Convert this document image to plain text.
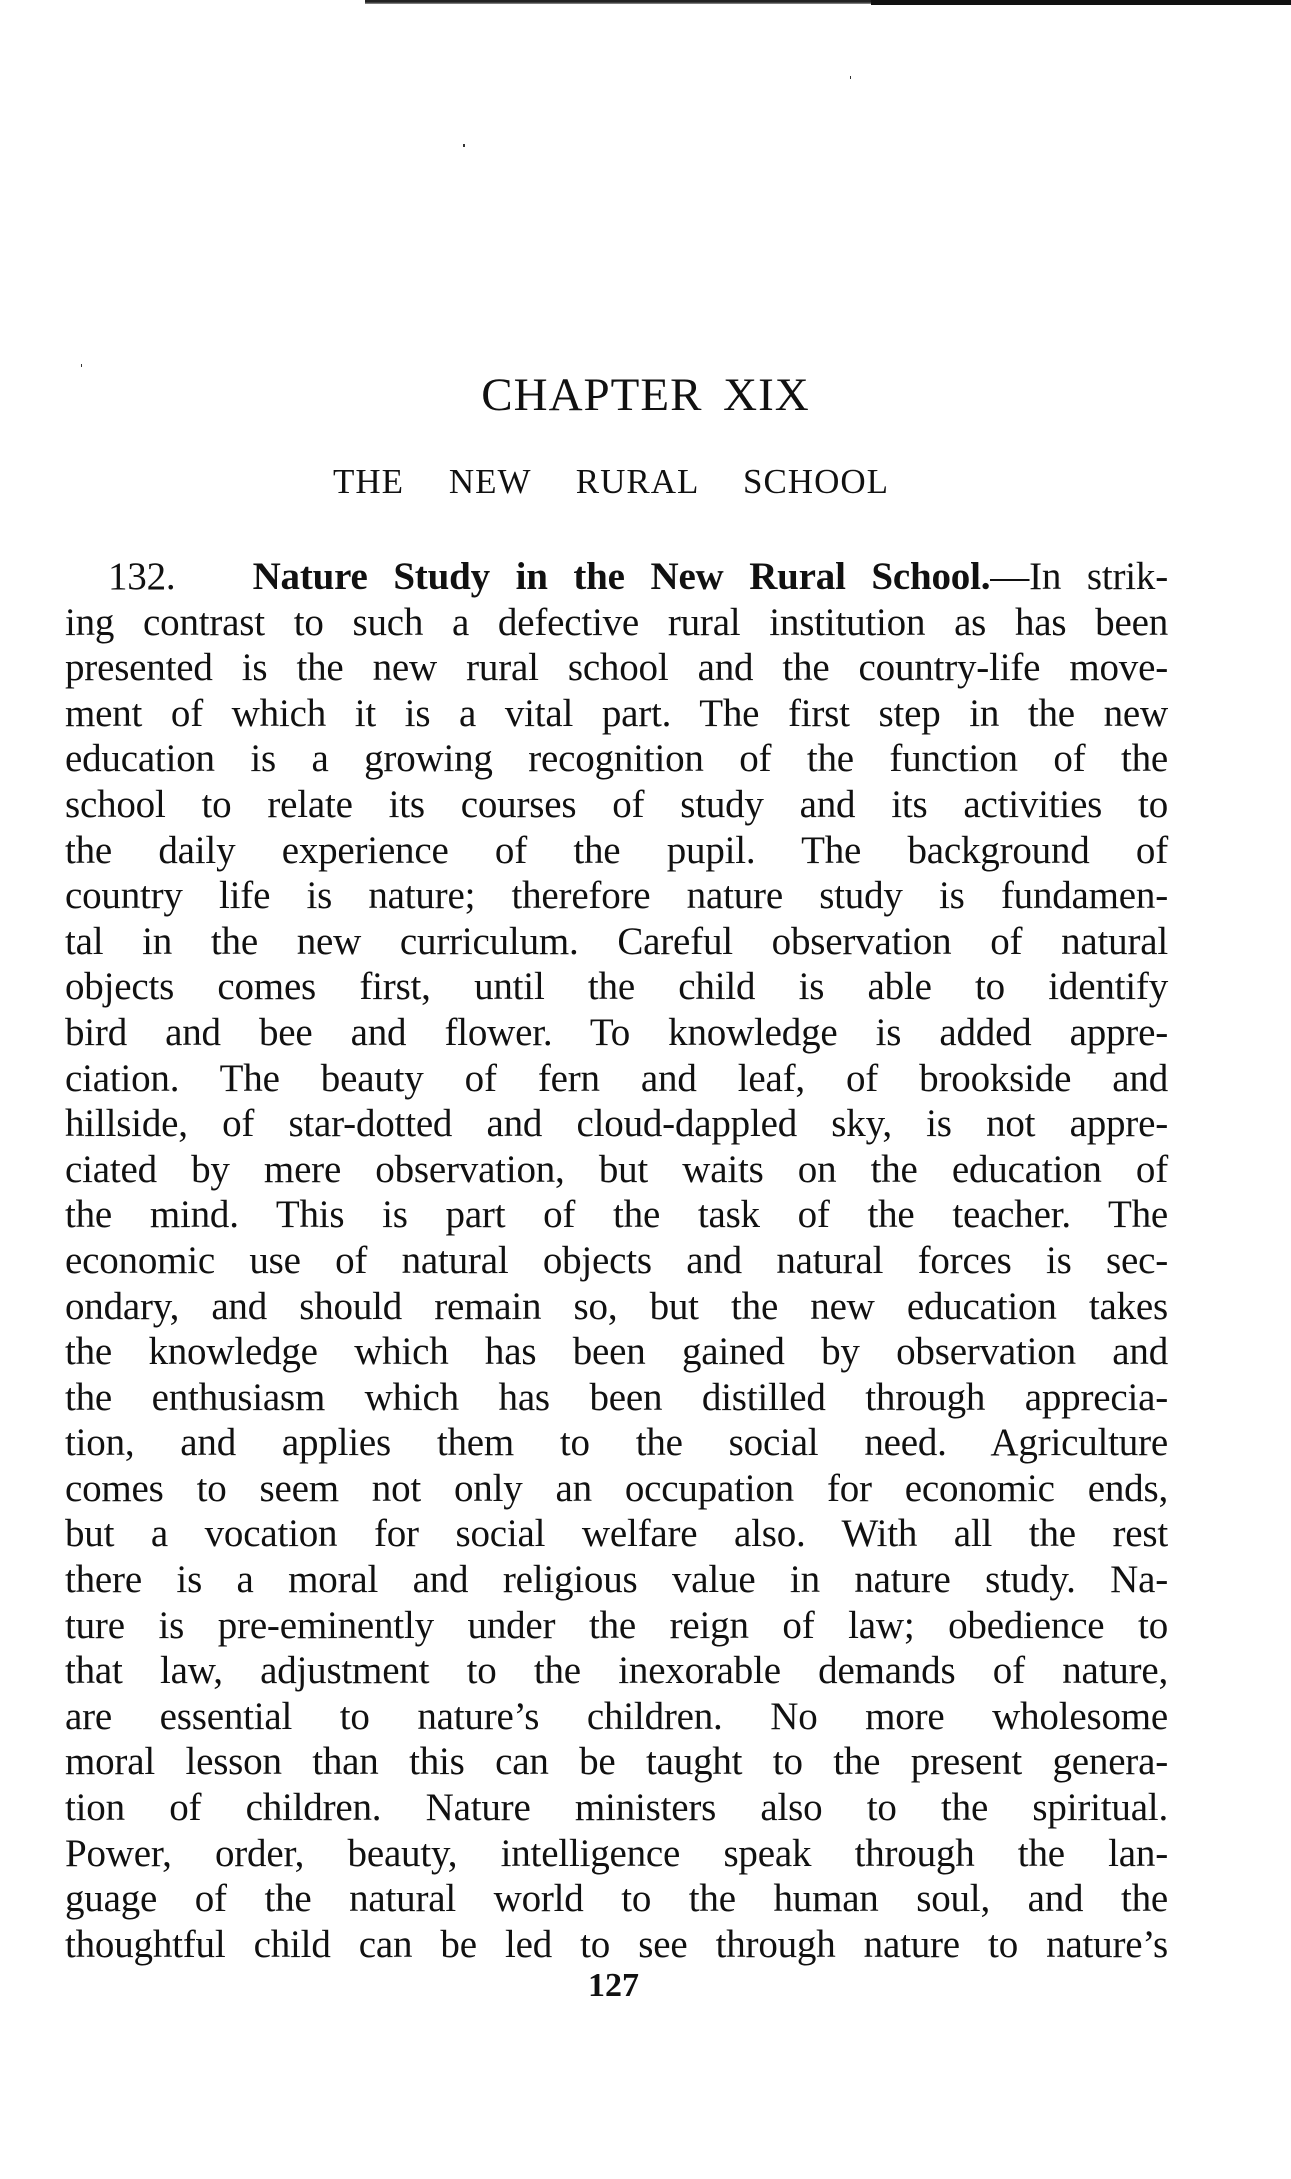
CHAPTER XIX
THE NEW RURAL SCHOOL
132. Nature Study in the New Rural School.—In strik-
ing contrast to such a defective rural institution as has been
presented is the new rural school and the country-life move-
ment of which it is a vital part. The first step in the new
education is a growing recognition of the function of the
school to relate its courses of study and its activities to
the daily experience of the pupil. The background of
country life is nature; therefore nature study is fundamen-
tal in the new curriculum. Careful observation of natural
objects comes first, until the child is able to identify
bird and bee and flower. To knowledge is added appre-
ciation. The beauty of fern and leaf, of brookside and
hillside, of star-dotted and cloud-dappled sky, is not appre-
ciated by mere observation, but waits on the education of
the mind. This is part of the task of the teacher. The
economic use of natural objects and natural forces is sec-
ondary, and should remain so, but the new education takes
the knowledge which has been gained by observation and
the enthusiasm which has been distilled through apprecia-
tion, and applies them to the social need. Agriculture
comes to seem not only an occupation for economic ends,
but a vocation for social welfare also. With all the rest
there is a moral and religious value in nature study. Na-
ture is pre-eminently under the reign of law; obedience to
that law, adjustment to the inexorable demands of nature,
are essential to nature’s children. No more wholesome
moral lesson than this can be taught to the present genera-
tion of children. Nature ministers also to the spiritual.
Power, order, beauty, intelligence speak through the lan-
guage of the natural world to the human soul, and the
thoughtful child can be led to see through nature to nature’s
127
